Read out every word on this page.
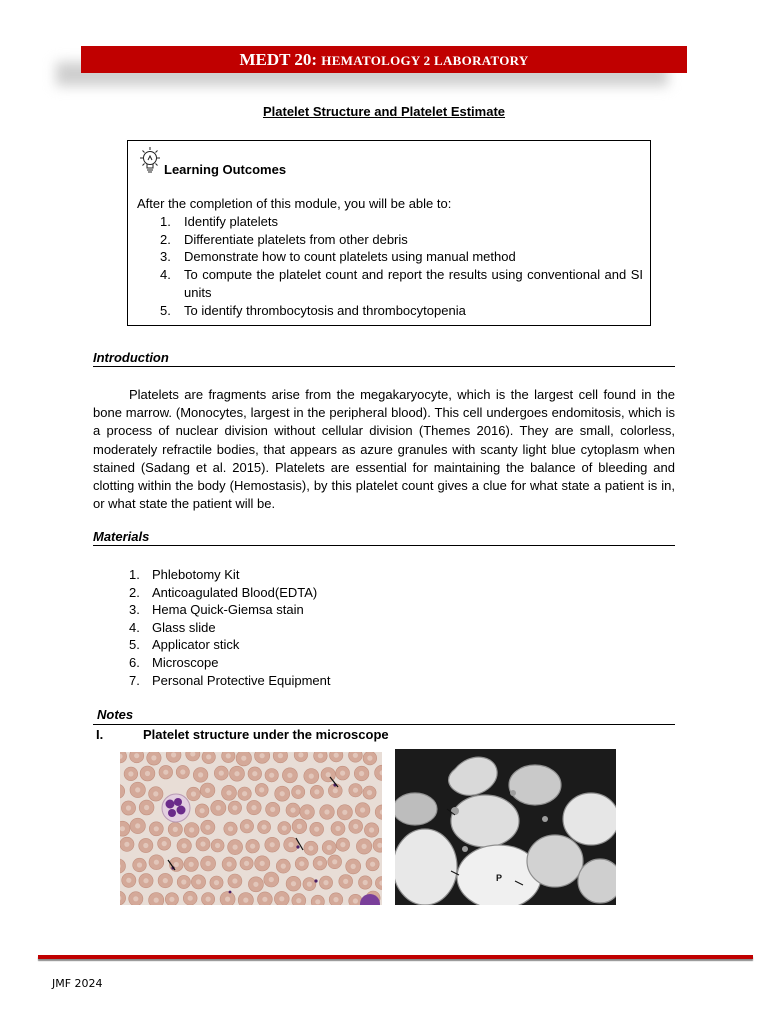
MEDT 20: HEMATOLOGY 2 LABORATORY
Platelet Structure and Platelet Estimate
Learning Outcomes
After the completion of this module, you will be able to:
1. Identify platelets
2. Differentiate platelets from other debris
3. Demonstrate how to count platelets using manual method
4. To compute the platelet count and report the results using conventional and SI units
5. To identify thrombocytosis and thrombocytopenia
Introduction

Platelets are fragments arise from the megakaryocyte, which is the largest cell found in the bone marrow. (Monocytes, largest in the peripheral blood). This cell undergoes endomitosis, which is a process of nuclear division without cellular division (Themes 2016). They are small, colorless, moderately refractile bodies, that appears as azure granules with scanty light blue cytoplasm when stained (Sadang et al. 2015). Platelets are essential for maintaining the balance of bleeding and clotting within the body (Hemostasis), by this platelet count gives a clue for what state a patient is in, or what state the patient will be.

Materials
1. Phlebotomy Kit
2. Anticoagulated Blood(EDTA)
3. Hema Quick-Giemsa stain
4. Glass slide
5. Applicator stick
6. Microscope
7. Personal Protective Equipment
Notes
I.	Platelet structure under the microscope
P
JMF 2024
